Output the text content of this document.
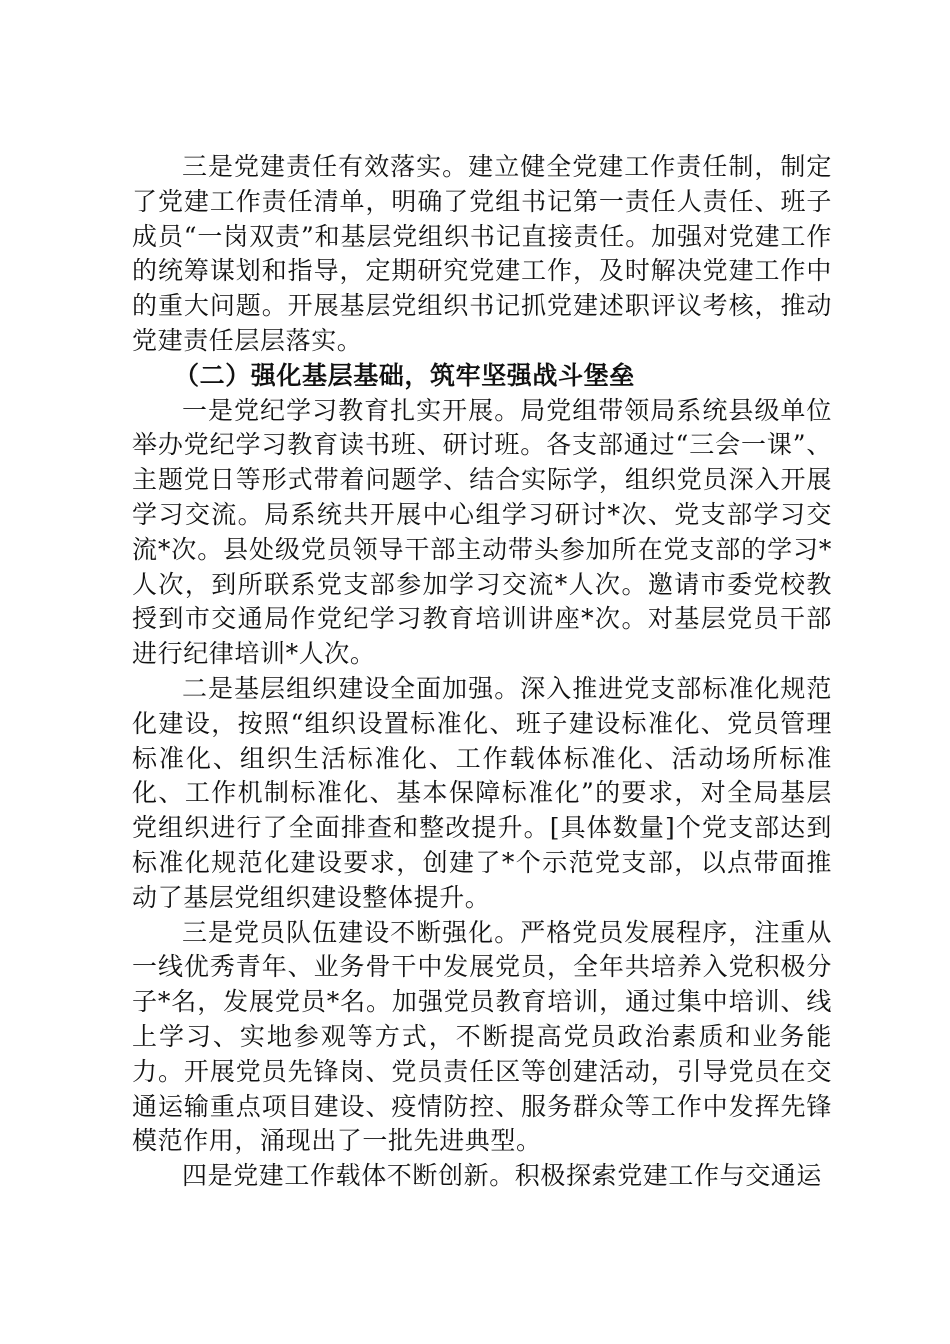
三是党建责任有效落实。建立健全党建工作责任制，制定了党建工作责任清单，明确了党组书记第一责任人责任、班子成员“一岗双责”和基层党组织书记直接责任。加强对党建工作的统筹谋划和指导，定期研究党建工作，及时解决党建工作中的重大问题。开展基层党组织书记抓党建述职评议考核，推动党建责任层层落实。

（二）强化基层基础，筑牢坚强战斗堡垒

一是党纪学习教育扎实开展。局党组带领局系统县级单位举办党纪学习教育读书班、研讨班。各支部通过“三会一课”、主题党日等形式带着问题学、结合实际学，组织党员深入开展学习交流。局系统共开展中心组学习研讨*次、党支部学习交流*次。县处级党员领导干部主动带头参加所在党支部的学习*人次，到所联系党支部参加学习交流*人次。邀请市委党校教授到市交通局作党纪学习教育培训讲座*次。对基层党员干部进行纪律培训*人次。

二是基层组织建设全面加强。深入推进党支部标准化规范化建设，按照“组织设置标准化、班子建设标准化、党员管理标准化、组织生活标准化、工作载体标准化、活动场所标准化、工作机制标准化、基本保障标准化”的要求，对全局基层党组织进行了全面排查和整改提升。[具体数量]个党支部达到标准化规范化建设要求，创建了*个示范党支部，以点带面推动了基层党组织建设整体提升。

三是党员队伍建设不断强化。严格党员发展程序，注重从一线优秀青年、业务骨干中发展党员，全年共培养入党积极分子*名，发展党员*名。加强党员教育培训，通过集中培训、线上学习、实地参观等方式，不断提高党员政治素质和业务能力。开展党员先锋岗、党员责任区等创建活动，引导党员在交通运输重点项目建设、疫情防控、服务群众等工作中发挥先锋模范作用，涌现出了一批先进典型。

四是党建工作载体不断创新。积极探索党建工作与交通运
